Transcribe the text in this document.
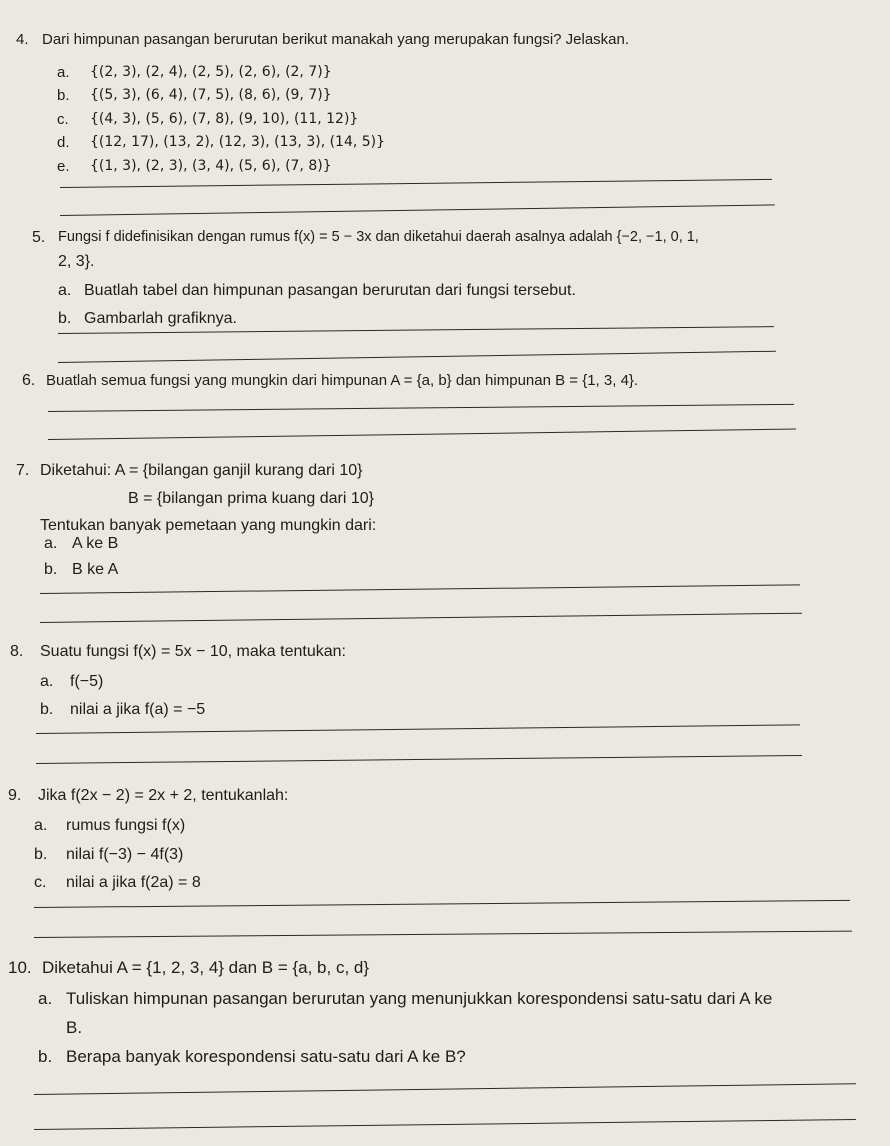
4. Dari himpunan pasangan berurutan berikut manakah yang merupakan fungsi? Jelaskan.
a. {(2, 3), (2, 4), (2, 5), (2, 6), (2, 7)}
b. {(5, 3), (6, 4), (7, 5), (8, 6), (9, 7)}
c. {(4, 3), (5, 6), (7, 8), (9, 10), (11, 12)}
d. {(12, 17), (13, 2), (12, 3), (13, 3), (14, 5)}
e. {(1, 3), (2, 3), (3, 4), (5, 6), (7, 8)}
5. Fungsi f didefinisikan dengan rumus f(x) = 5 − 3x dan diketahui daerah asalnya adalah {−2, −1, 0, 1,
2, 3}.
a. Buatlah tabel dan himpunan pasangan berurutan dari fungsi tersebut.
b. Gambarlah grafiknya.
6. Buatlah semua fungsi yang mungkin dari himpunan A = {a, b} dan himpunan B = {1, 3, 4}.
7. Diketahui: A = {bilangan ganjil kurang dari 10}
B = {bilangan prima kuang dari 10}
Tentukan banyak pemetaan yang mungkin dari:
a. A ke B
b. B ke A
8. Suatu fungsi f(x) = 5x − 10, maka tentukan:
a. f(−5)
b. nilai a jika f(a) = −5
9. Jika f(2x − 2) = 2x + 2, tentukanlah:
a. rumus fungsi f(x)
b. nilai f(−3) − 4f(3)
c. nilai a jika f(2a) = 8
10. Diketahui A = {1, 2, 3, 4} dan B = {a, b, c, d}
a. Tuliskan himpunan pasangan berurutan yang menunjukkan korespondensi satu-satu dari A ke
B.
b. Berapa banyak korespondensi satu-satu dari A ke B?
